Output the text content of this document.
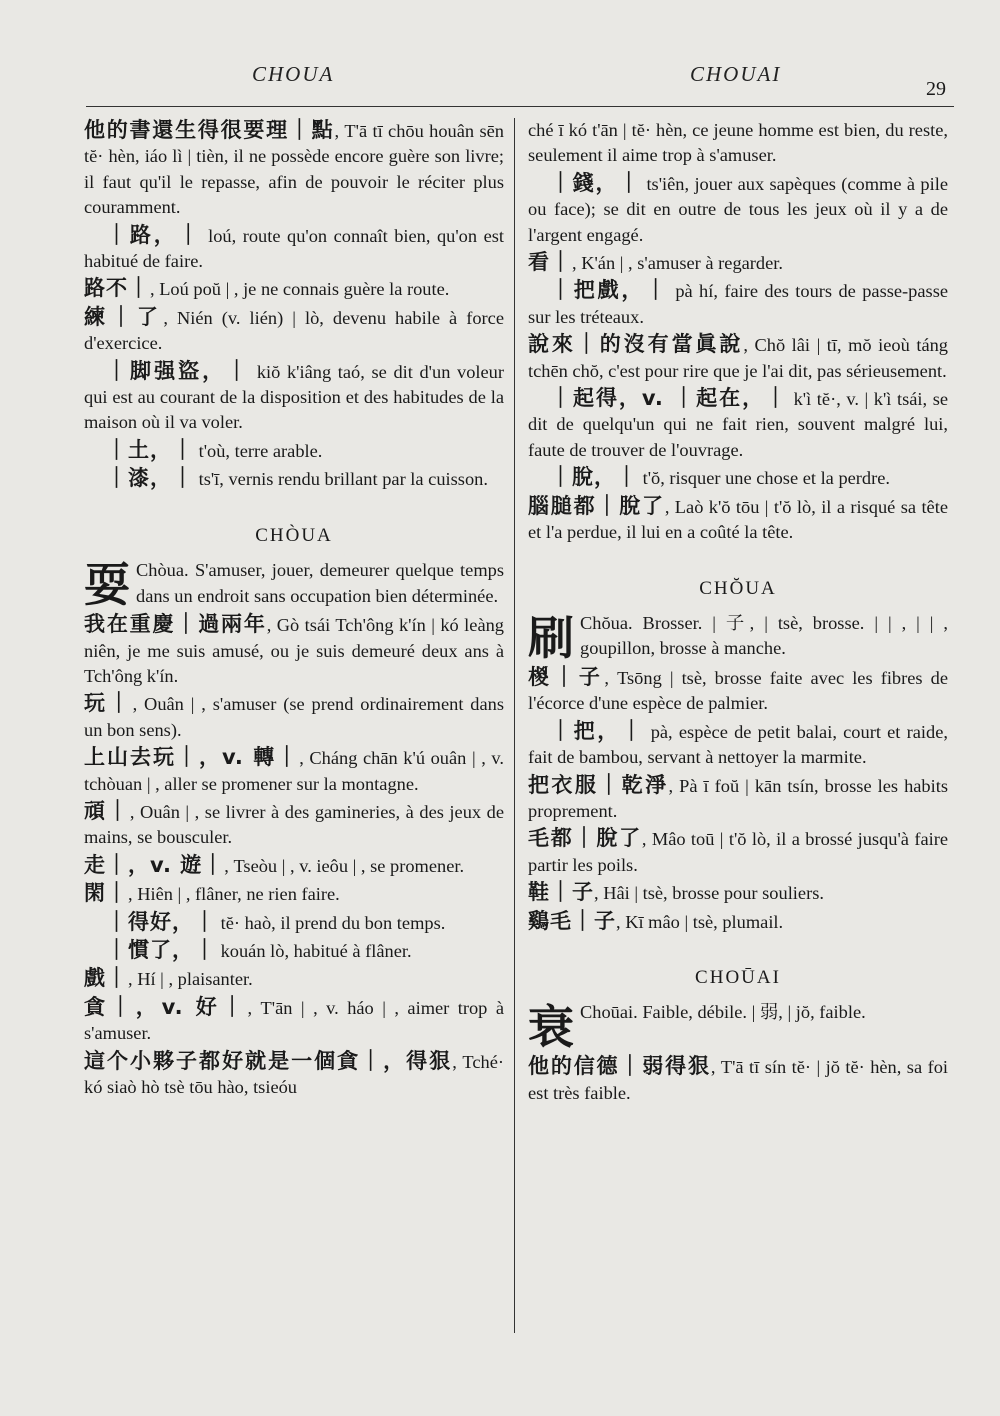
CHOUA	CHOUAI
29
他的書還生得很要理｜點, T'ā tī chōu houân sēn tĕ· hèn, iáo lì | tièn, il ne possède encore guère son livre; il faut qu'il le repasse, afin de pouvoir le réciter plus couramment.
｜路，｜ loú, route qu'on connaît bien, qu'on est habitué de faire.
路不｜, Loú poŭ | , je ne connais guère la route.
練｜了, Nién (v. lién) | lò, devenu habile à force d'exercice.
｜脚强盜，｜ kiŏ k'iâng taó, se dit d'un voleur qui est au courant de la disposition et des habitudes de la maison où il va voler.
｜土，｜ t'où, terre arable.
｜漆，｜ ts'ī, vernis rendu brillant par la cuisson.
CHÒUA
耍 Chòua. S'amuser, jouer, demeurer quelque temps dans un endroit sans occupation bien déterminée.
我在重慶｜過兩年, Gò tsái Tch'ông k'ín | kó leàng niên, je me suis amusé, ou je suis demeuré deux ans à Tch'ông k'ín.
玩｜, Ouân | , s'amuser (se prend ordinairement dans un bon sens).
上山去玩｜，v. 轉｜, Cháng chān k'ú ouân | , v. tchòuan | , aller se promener sur la montagne.
頑｜, Ouân | , se livrer à des gamineries, à des jeux de mains, se bousculer.
走｜，v. 遊｜, Tseòu | , v. ieôu | , se promener.
閑｜, Hiên | , flâner, ne rien faire.
｜得好，｜ tĕ· haò, il prend du bon temps.
｜慣了，｜ kouán lò, habitué à flâner.
戲｜, Hí | , plaisanter.
貪｜，v. 好｜, T'ān | , v. háo | , aimer trop à s'amuser.
這个小夥子都好就是一個貪｜，得狠, Tché· kó siaò hò tsè tōu hào, tsieóu
ché ī kó t'ān | tĕ· hèn, ce jeune homme est bien, du reste, seulement il aime trop à s'amuser.
｜錢，｜ ts'iên, jouer aux sapèques (comme à pile ou face); se dit en outre de tous les jeux où il y a de l'argent engagé.
看｜, K'án | , s'amuser à regarder.
｜把戲，｜ pà hí, faire des tours de passe-passe sur les tréteaux.
說來｜的沒有當眞說, Chŏ lâi | tī, mŏ ieoù táng tchēn chŏ, c'est pour rire que je l'ai dit, pas sérieusement.
｜起得，v. ｜起在，｜ k'ì tĕ·, v. | k'ì tsái, se dit de quelqu'un qui ne fait rien, souvent malgré lui, faute de trouver de l'ouvrage.
｜脫，｜ t'ŏ, risquer une chose et la perdre.
腦膇都｜脫了, Laò k'ŏ tōu | t'ŏ lò, il a risqué sa tête et l'a perdue, il lui en a coûté la tête.
CHŎUA
刷 Chŏua. Brosser. | 子, | tsè, brosse. | | , | | , goupillon, brosse à manche.
椶｜子, Tsōng | tsè, brosse faite avec les fibres de l'écorce d'une espèce de palmier.
｜把，｜ pà, espèce de petit balai, court et raide, fait de bambou, servant à nettoyer la marmite.
把衣服｜乾淨, Pà ī foŭ | kān tsín, brosse les habits proprement.
毛都｜脫了, Mâo toū | t'ŏ lò, il a brossé jusqu'à faire partir les poils.
鞋｜子, Hâi | tsè, brosse pour souliers.
鷄毛｜子, Kī mâo | tsè, plumail.
CHOŪAI
衰 Choūai. Faible, débile. | 弱, | jŏ, faible.
他的信德｜弱得狠, T'ā tī sín tĕ· | jŏ tĕ· hèn, sa foi est très faible.
